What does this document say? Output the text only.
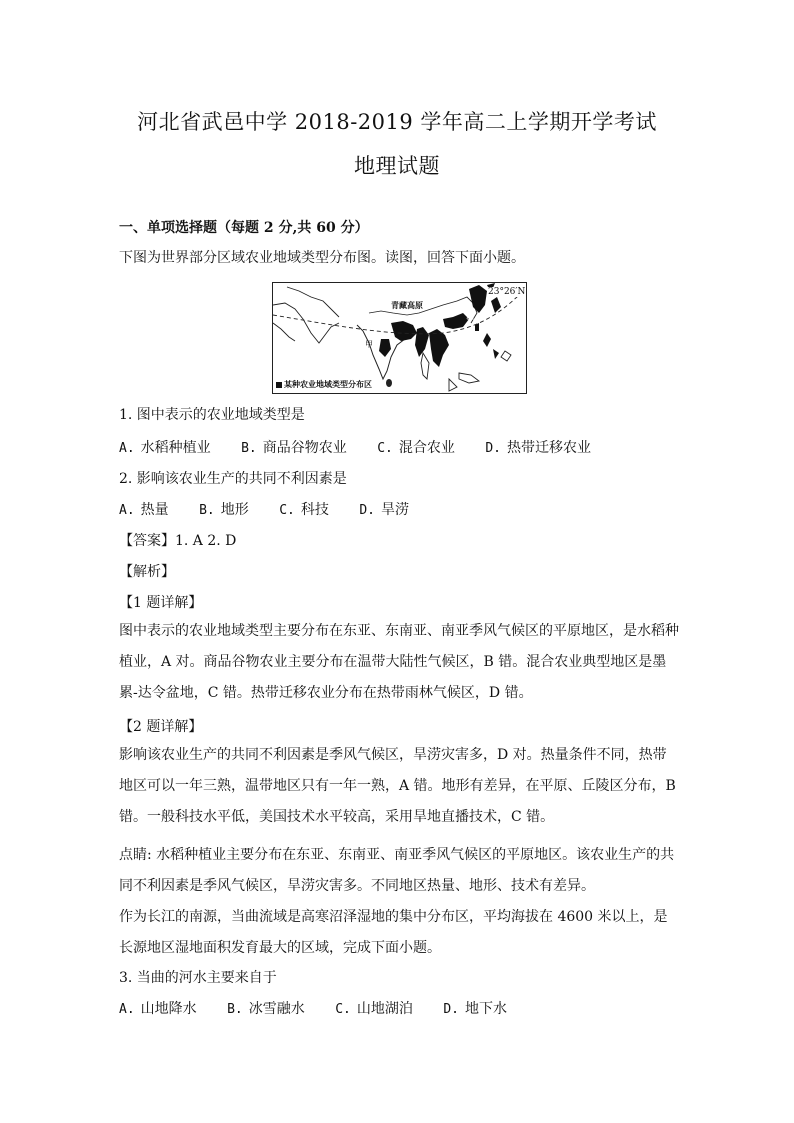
河北省武邑中学 2018-2019 学年高二上学期开学考试
地理试题
一、单项选择题（每题 2 分,共 60 分）
下图为世界部分区域农业地域类型分布图。读图，回答下面小题。
青藏高原
23°26′N
甲
乙
某种农业地域类型分布区
1. 图中表示的农业地域类型是
A. 水稻种植业 B. 商品谷物农业 C. 混合农业 D. 热带迁移农业
2. 影响该农业生产的共同不利因素是
A. 热量 B. 地形 C. 科技 D. 旱涝
【答案】1. A 2. D
【解析】
【1 题详解】
图中表示的农业地域类型主要分布在东亚、东南亚、南亚季风气候区的平原地区，是水稻种植业，A 对。商品谷物农业主要分布在温带大陆性气候区，B 错。混合农业典型地区是墨累-达令盆地，C 错。热带迁移农业分布在热带雨林气候区，D 错。
【2 题详解】
影响该农业生产的共同不利因素是季风气候区，旱涝灾害多，D 对。热量条件不同，热带地区可以一年三熟，温带地区只有一年一熟，A 错。地形有差异，在平原、丘陵区分布，B 错。一般科技水平低，美国技术水平较高，采用旱地直播技术，C 错。
点睛: 水稻种植业主要分布在东亚、东南亚、南亚季风气候区的平原地区。该农业生产的共同不利因素是季风气候区，旱涝灾害多。不同地区热量、地形、技术有差异。
作为长江的南源，当曲流域是高寒沼泽湿地的集中分布区，平均海拔在 4600 米以上，是长源地区湿地面积发育最大的区域，完成下面小题。
3. 当曲的河水主要来自于
A. 山地降水 B. 冰雪融水 C. 山地湖泊 D. 地下水
